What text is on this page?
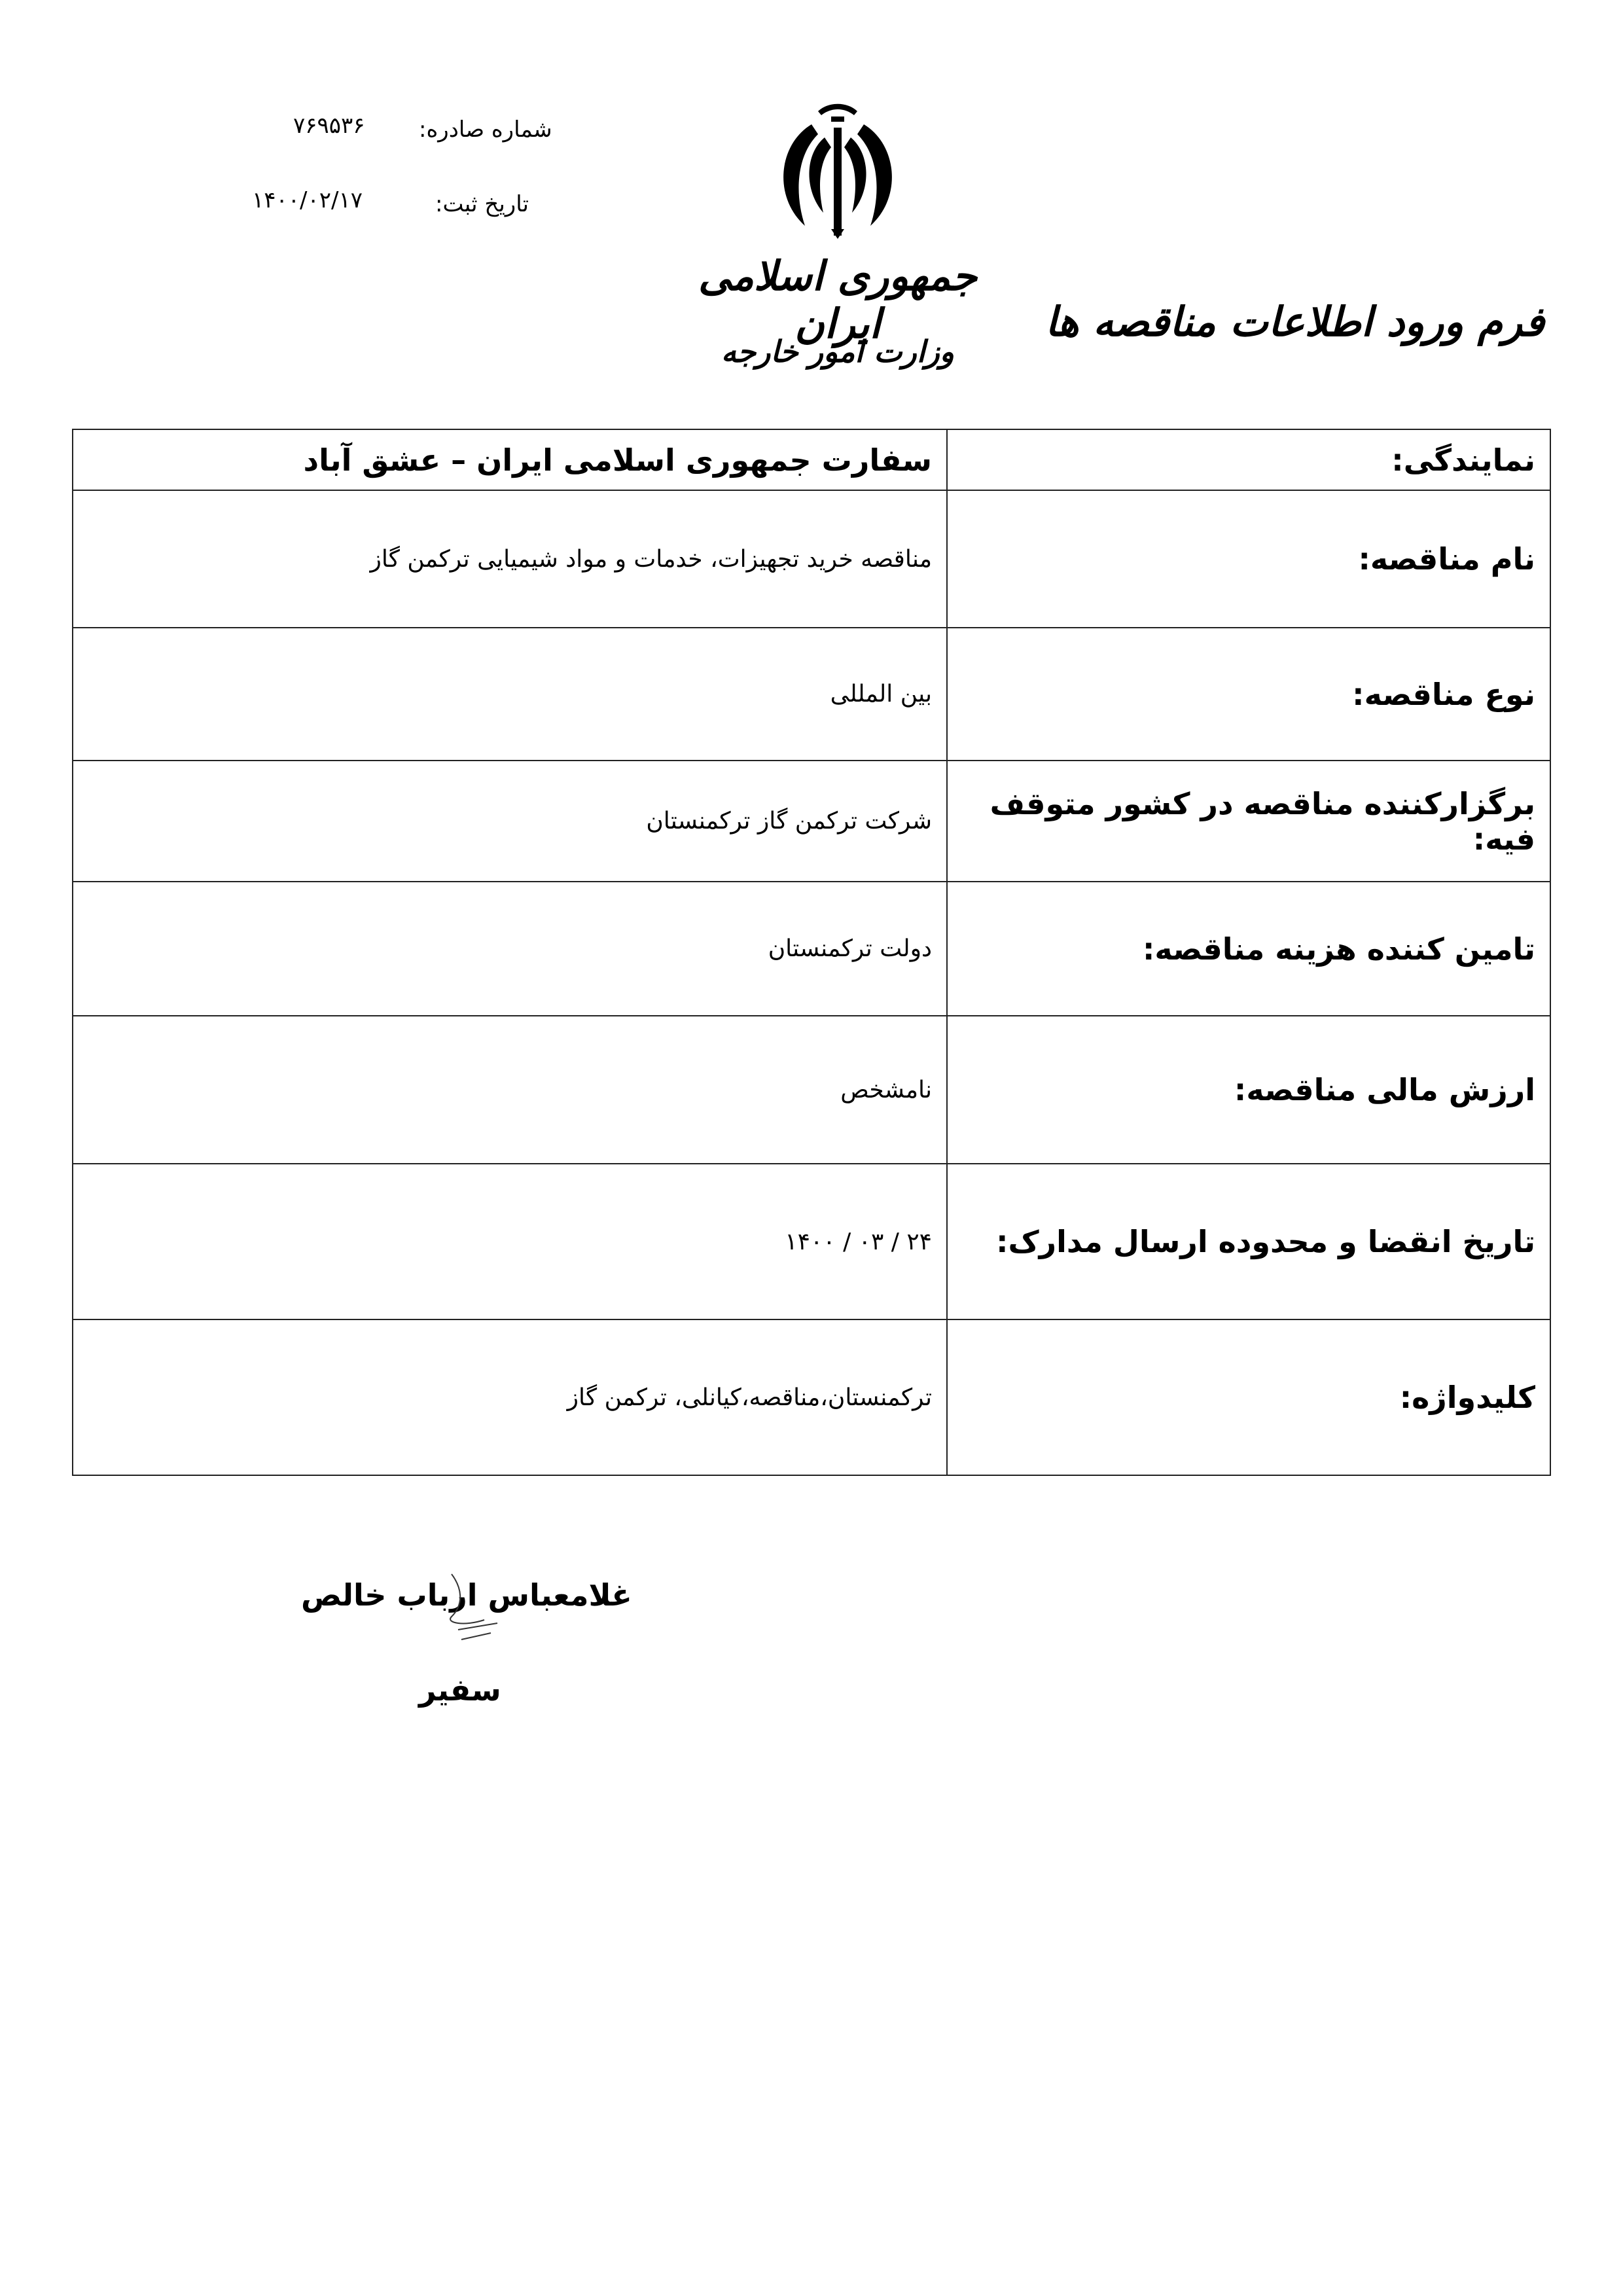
شماره صادره:
۷۶۹۵۳۶
تاریخ ثبت:
۱۴۰۰/۰۲/۱۷
جمهوری اسلامی ایران
وزارت امور خارجه
فرم ورود اطلاعات مناقصه ها
نمایندگی:	سفارت جمهوری اسلامی ایران – عشق آباد
نام مناقصه:	مناقصه خرید تجهیزات، خدمات و مواد شیمیایی ترکمن گاز
نوع مناقصه:	بین المللی
برگزارکننده مناقصه در کشور متوقف فیه:	شرکت ترکمن گاز ترکمنستان
تامین کننده هزینه مناقصه:	دولت ترکمنستان
ارزش مالی مناقصه:	نامشخص
تاریخ انقضا و محدوده ارسال مدارک:	۲۴ / ۰۳ / ۱۴۰۰
کلیدواژه:	ترکمنستان،مناقصه،کیانلی، ترکمن گاز
غلامعباس ارباب خالص
سفیر
